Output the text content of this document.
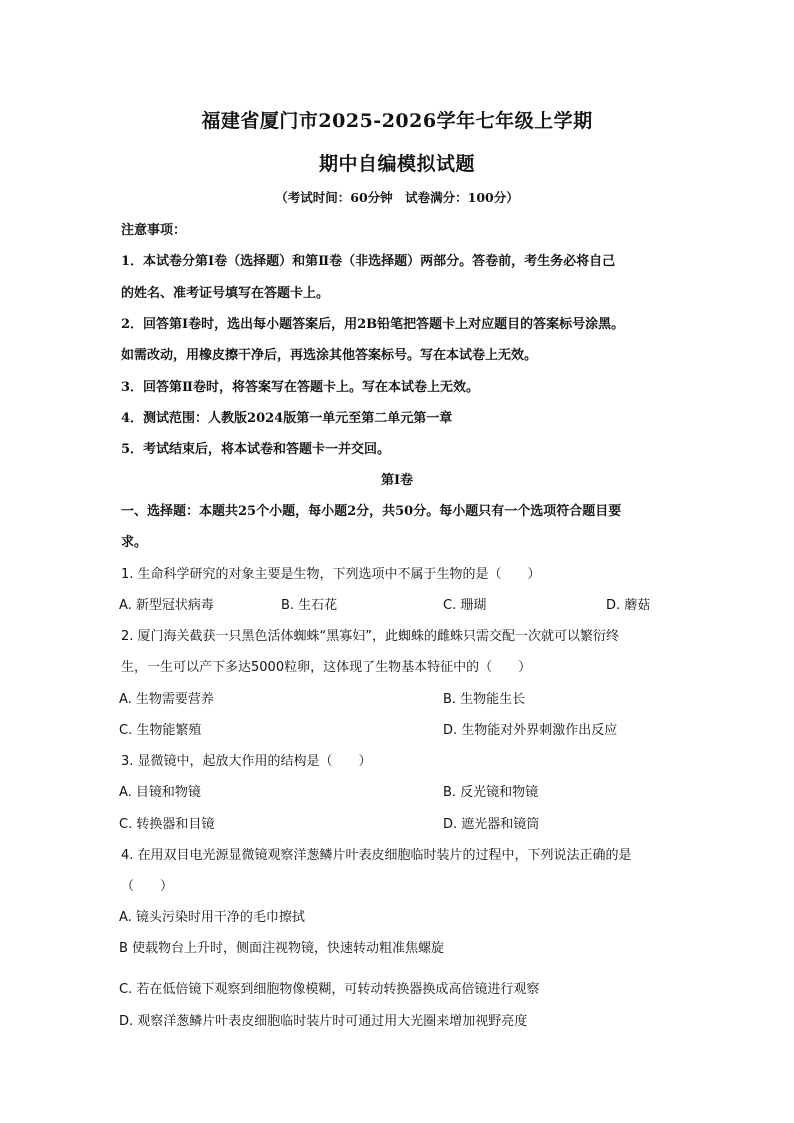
福建省厦门市2025-2026学年七年级上学期
期中自编模拟试题
（考试时间：60分钟　试卷满分：100分）
注意事项：
1．本试卷分第Ⅰ卷（选择题）和第Ⅱ卷（非选择题）两部分。答卷前，考生务必将自己
的姓名、准考证号填写在答题卡上。
2．回答第Ⅰ卷时，选出每小题答案后，用2B铅笔把答题卡上对应题目的答案标号涂黑。
如需改动，用橡皮擦干净后，再选涂其他答案标号。写在本试卷上无效。
3．回答第Ⅱ卷时，将答案写在答题卡上。写在本试卷上无效。
4．测试范围：人教版2024版第一单元至第二单元第一章
5．考试结束后，将本试卷和答题卡一并交回。
第Ⅰ卷
一、选择题：本题共25个小题，每小题2分，共50分。每小题只有一个选项符合题目要
求。
1. 生命科学研究的对象主要是生物，下列选项中不属于生物的是（　　）
A. 新型冠状病毒	B. 生石花	C. 珊瑚	D. 蘑菇
2. 厦门海关截获一只黑色活体蜘蛛“黑寡妇”，此蜘蛛的雌蛛只需交配一次就可以繁衍终
生，一生可以产下多达5000粒卵，这体现了生物基本特征中的（　　）
A. 生物需要营养	B. 生物能生长
C. 生物能繁殖	D. 生物能对外界刺激作出反应
3. 显微镜中，起放大作用的结构是（　　）
A. 目镜和物镜	B. 反光镜和物镜
C. 转换器和目镜	D. 遮光器和镜筒
4. 在用双目电光源显微镜观察洋葱鳞片叶表皮细胞临时装片的过程中，下列说法正确的是
（　　）
A. 镜头污染时用干净的毛巾擦拭
B 使载物台上升时，侧面注视物镜，快速转动粗准焦螺旋
C. 若在低倍镜下观察到细胞物像模糊，可转动转换器换成高倍镜进行观察
D. 观察洋葱鳞片叶表皮细胞临时装片时可通过用大光圈来增加视野亮度
